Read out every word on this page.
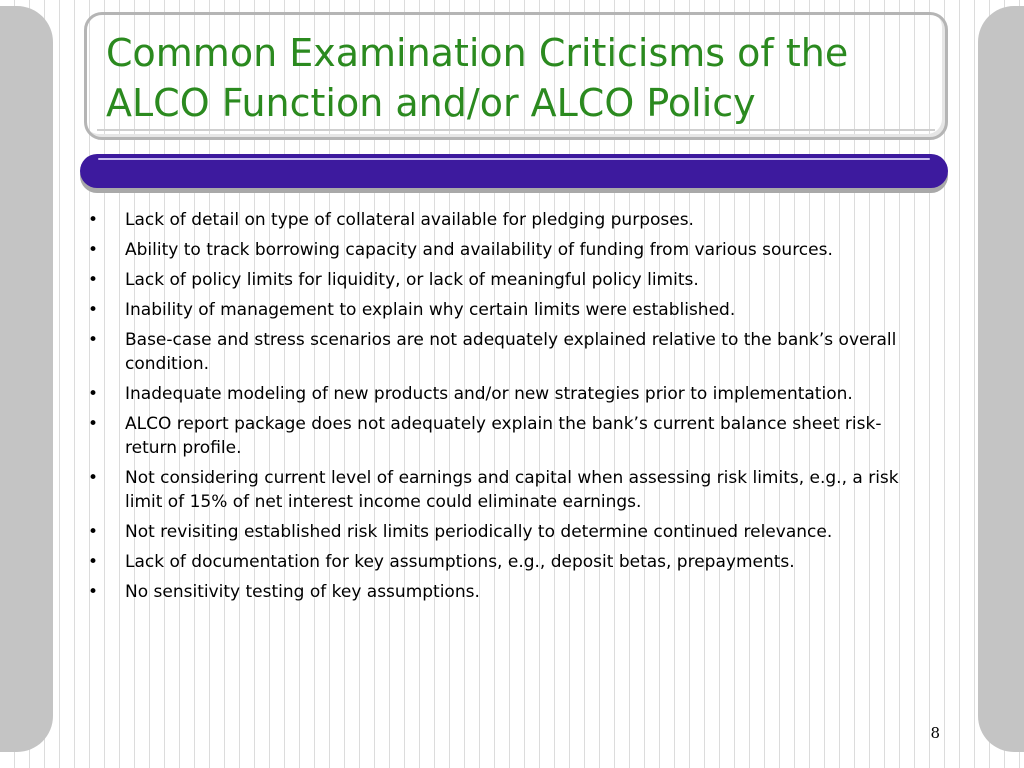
Common Examination Criticisms of the
ALCO Function and/or ALCO Policy
• Lack of detail on type of collateral available for pledging purposes.
• Ability to track borrowing capacity and availability of funding from various sources.
• Lack of policy limits for liquidity, or lack of meaningful policy limits.
• Inability of management to explain why certain limits were established.
• Base-case and stress scenarios are not adequately explained relative to the bank’s overall condition.
• Inadequate modeling of new products and/or new strategies prior to implementation.
• ALCO report package does not adequately explain the bank’s current balance sheet risk-return profile.
• Not considering current level of earnings and capital when assessing risk limits, e.g., a risk limit of 15% of net interest income could eliminate earnings.
• Not revisiting established risk limits periodically to determine continued relevance.
• Lack of documentation for key assumptions, e.g., deposit betas, prepayments.
• No sensitivity testing of key assumptions.
8
